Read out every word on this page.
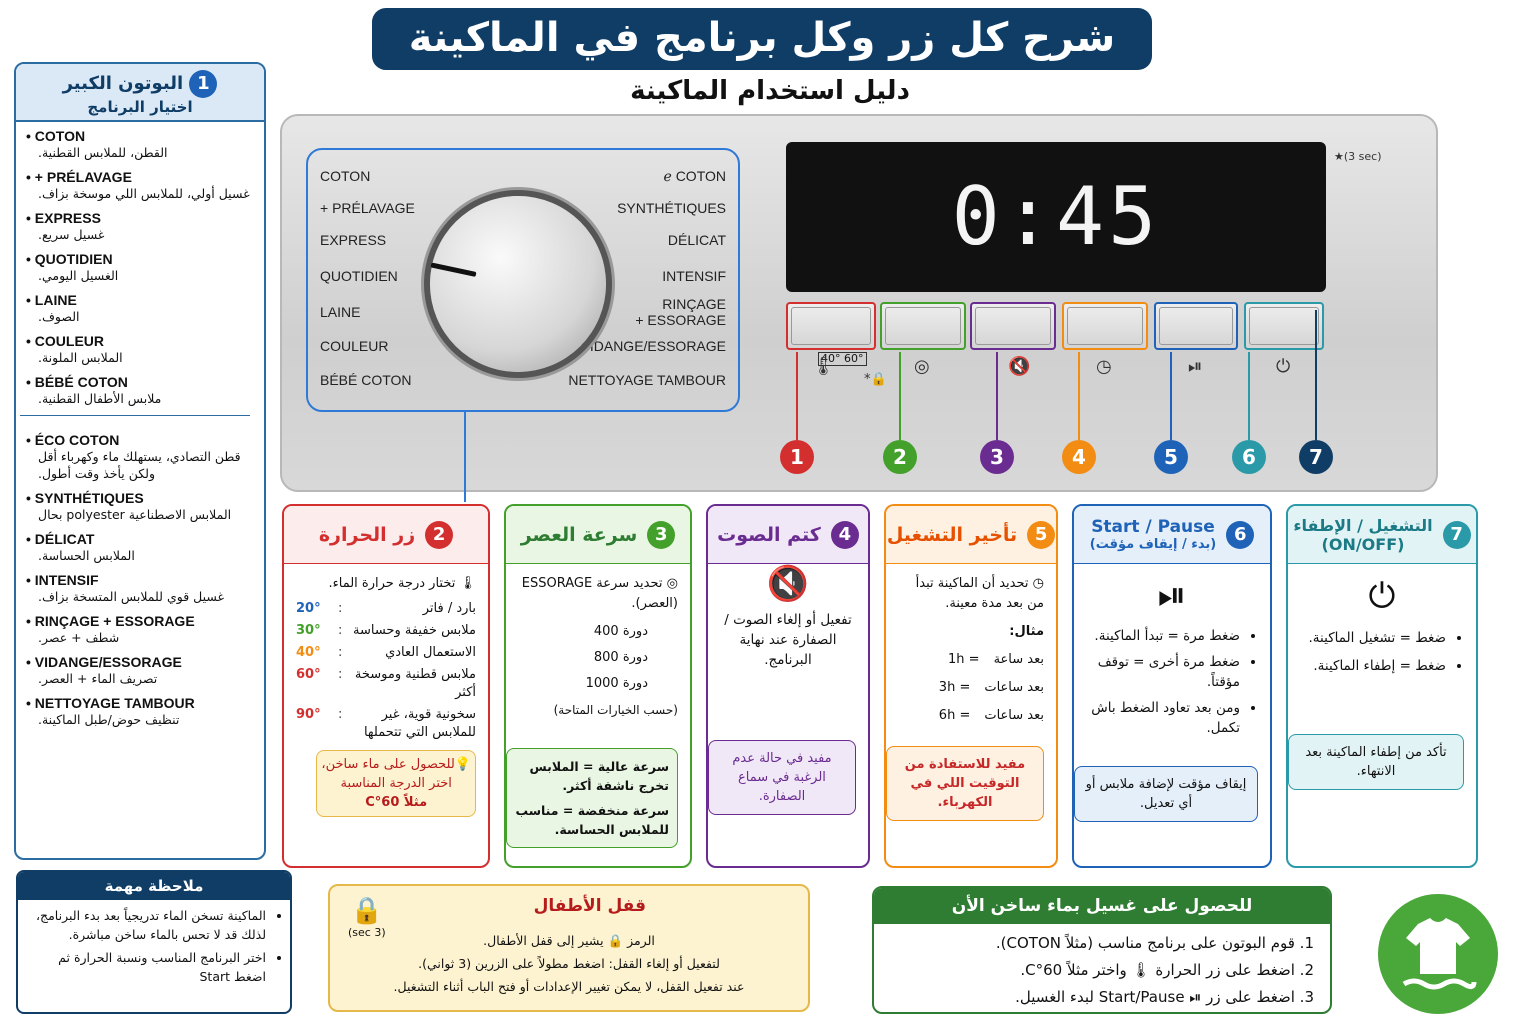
شرح كل زر وكل برنامج في الماكينة
دليل استخدام الماكينة
1 البوتون الكبير
اختيار البرنامج
• COTON
القطن، للملابس القطنية.
• + PRÉLAVAGE
غسيل أولي، للملابس اللي موسخة بزاف.
• EXPRESS
غسيل سريع.
• QUOTIDIEN
الغسيل اليومي.
• LAINE
الصوف.
• COULEUR
الملابس الملونة.
• BÉBÉ COTON
ملابس الأطفال القطنية.
• ÉCO COTON
قطن التصادي، يستهلك ماء وكهرباء أقل ولكن يأخذ وقت أطول.
• SYNTHÉTIQUES
الملابس الاصطناعية polyester بحال
• DÉLICAT
الملابس الحساسة.
• INTENSIF
غسيل قوي للملابس المتسخة بزاف.
• RINÇAGE + ESSORAGE
شطف + عصر.
• VIDANGE/ESSORAGE
تصريف الماء + العصر.
• NETTOYAGE TAMBOUR
تنظيف حوض/طبل الماكينة.
COTON
+ PRÉLAVAGE
EXPRESS
QUOTIDIEN
LAINE
COULEUR
BÉBÉ COTON
ℯ COTON
SYNTHÉTIQUES
DÉLICAT
INTENSIF
RINÇAGE
+ ESSORAGE
VIDANGE/ESSORAGE
NETTOYAGE TAMBOUR
0:45
★(3 sec)
40° 60°
🌡
*🔒
◎	🔇	◷	⏯	⏻
2
زر الحرارة
🌡 تختار درجة حرارة الماء.
بارد / فاتر
:
20°
ملابس خفيفة وحساسة
:
30°
الاستعمال العادي
:
40°
ملابس قطنية وموسخة أكثر
:
60°
سخونية قوية، غير للملابس التي تتحملها
:
90°
💡للحصول على ماء ساخن،
اختر الدرجة المناسبة
مثلاً 60°C
3
سرعة العصر
◎ تحديد سرعة ESSORAGE (العصر).
دورة 400
دورة 800
دورة 1000
(حسب الخيارات المتاحة)
سرعة عالية = الملابس تخرج ناشفة أكثر.
سرعة منخفضة = مناسب للملابس الحساسة.
4
كتم الصوت
🔇
تفعيل أو إلغاء الصوت / الصفارة عند نهاية البرنامج.
مفيد في حالة عدم الرغبة في سماع الصفارة.
5
تأخير التشغيل
◷ تحديد أن الماكينة تبدأ من بعد مدة معينة.
مثال:
بعد ساعة
1h =
بعد ساعات
3h =
بعد ساعات
6h =
مفيد للاستفادة من التوقيت اللي في الكهرباء.
6
Start / Pause
(بدء / إيقاف مؤقت)
⏯
• ضغط مرة = تبدأ الماكينة.
• ضغط مرة أخرى = توقف مؤقتاً.
• ومن بعد تعاود الضغط باش تكمل.
إيقاف مؤقت لإضافة ملابس أو أي تعديل.
7
التشغيل / الإطفاء
(ON/OFF)
⏻
• ضغط = تشغيل الماكينة.
• ضغط = إطفاء الماكينة.
تأكد من إطفاء الماكينة بعد الانتهاء.
ملاحظة مهمة
• الماكينة تسخن الماء تدريجياً بعد بدء البرنامج، لذلك قد لا تحس بالماء ساخن مباشرة.
• اختر البرنامج المناسب ونسبة الحرارة ثم اضغط Start
قفل الأطفال
🔒
(3 sec)
الرمز 🔒 يشير إلى قفل الأطفال.
لتفعيل أو إلغاء القفل: اضغط مطولاً على الزرين (3 ثواني).
عند تفعيل القفل، لا يمكن تغيير الإعدادات أو فتح الباب أثناء التشغيل.
للحصول على غسيل بماء ساخن الأن
1. قوم البوتون على برنامج مناسب (مثلاً COTON).
2. اضغط على زر الحرارة 🌡 واختر مثلاً 60°C.
3. اضغط على زر ⏯ Start/Pause لبدء الغسيل.
1	2	3	4	5	6	7
